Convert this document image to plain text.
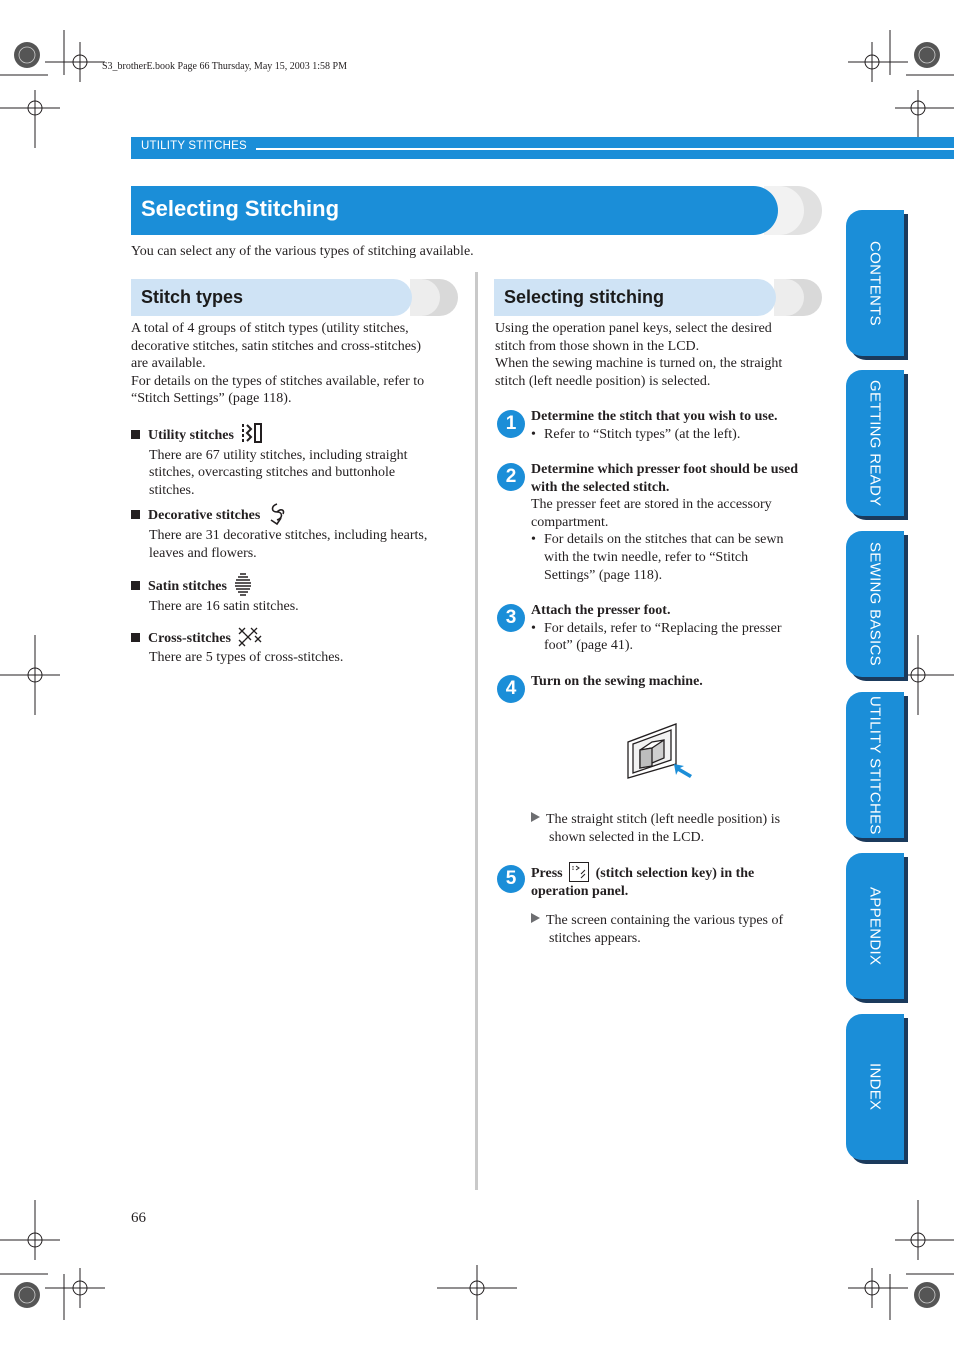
S3_brotherE.book Page 66 Thursday, May 15, 2003 1:58 PM
UTILITY STITCHES
Selecting Stitching
You can select any of the various types of stitching available.
Stitch types
A total of 4 groups of stitch types (utility stitches,
decorative stitches, satin stitches and cross-stitches)
are available.
For details on the types of stitches available, refer to
“Stitch Settings” (page 118).
Utility stitches
There are 67 utility stitches, including straight
stitches, overcasting stitches and buttonhole
stitches.
Decorative stitches
There are 31 decorative stitches, including hearts,
leaves and flowers.
Satin stitches
There are 16 satin stitches.
Cross-stitches
There are 5 types of cross-stitches.
Selecting stitching
Using the operation panel keys, select the desired
stitch from those shown in the LCD.
When the sewing machine is turned on, the straight
stitch (left needle position) is selected.
1	Determine the stitch that you wish to use.
• Refer to “Stitch types” (at the left).
2	Determine which presser foot should be used
with the selected stitch.
The presser feet are stored in the accessory
compartment.
• For details on the stitches that can be sewn
with the twin needle, refer to “Stitch
Settings” (page 118).
3	Attach the presser foot.
• For details, refer to “Replacing the presser
foot” (page 41).
4	Turn on the sewing machine.
The straight stitch (left needle position) is
shown selected in the LCD.
5	Press (stitch selection key) in the
operation panel.
The screen containing the various types of
stitches appears.
CONTENTS
GETTING READY
SEWING BASICS
UTILITY STITCHES
APPENDIX
INDEX
66
